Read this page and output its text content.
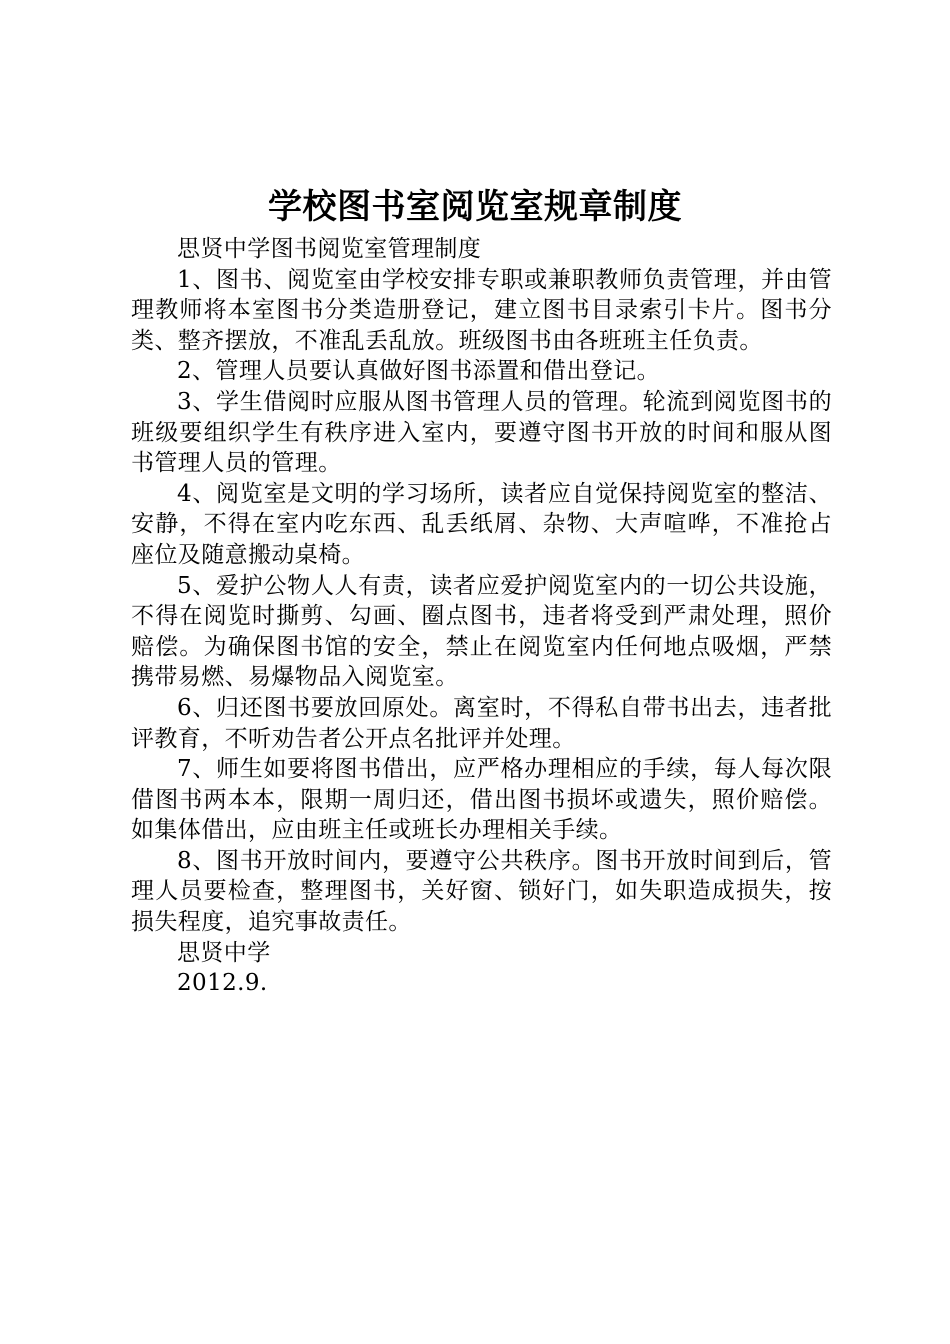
学校图书室阅览室规章制度

思贤中学图书阅览室管理制度

1、图书、阅览室由学校安排专职或兼职教师负责管理，并由管理教师将本室图书分类造册登记，建立图书目录索引卡片。图书分类、整齐摆放，不准乱丢乱放。班级图书由各班班主任负责。

2、管理人员要认真做好图书添置和借出登记。

3、学生借阅时应服从图书管理人员的管理。轮流到阅览图书的班级要组织学生有秩序进入室内，要遵守图书开放的时间和服从图书管理人员的管理。

4、阅览室是文明的学习场所，读者应自觉保持阅览室的整洁、安静，不得在室内吃东西、乱丢纸屑、杂物、大声喧哗，不准抢占座位及随意搬动桌椅。

5、爱护公物人人有责，读者应爱护阅览室内的一切公共设施，不得在阅览时撕剪、勾画、圈点图书，违者将受到严肃处理，照价赔偿。为确保图书馆的安全，禁止在阅览室内任何地点吸烟，严禁携带易燃、易爆物品入阅览室。

6、归还图书要放回原处。离室时，不得私自带书出去，违者批评教育，不听劝告者公开点名批评并处理。

7、师生如要将图书借出，应严格办理相应的手续，每人每次限借图书两本本，限期一周归还，借出图书损坏或遗失，照价赔偿。如集体借出，应由班主任或班长办理相关手续。

8、图书开放时间内，要遵守公共秩序。图书开放时间到后，管理人员要检查，整理图书，关好窗、锁好门，如失职造成损失，按损失程度，追究事故责任。

思贤中学

2012.9.
